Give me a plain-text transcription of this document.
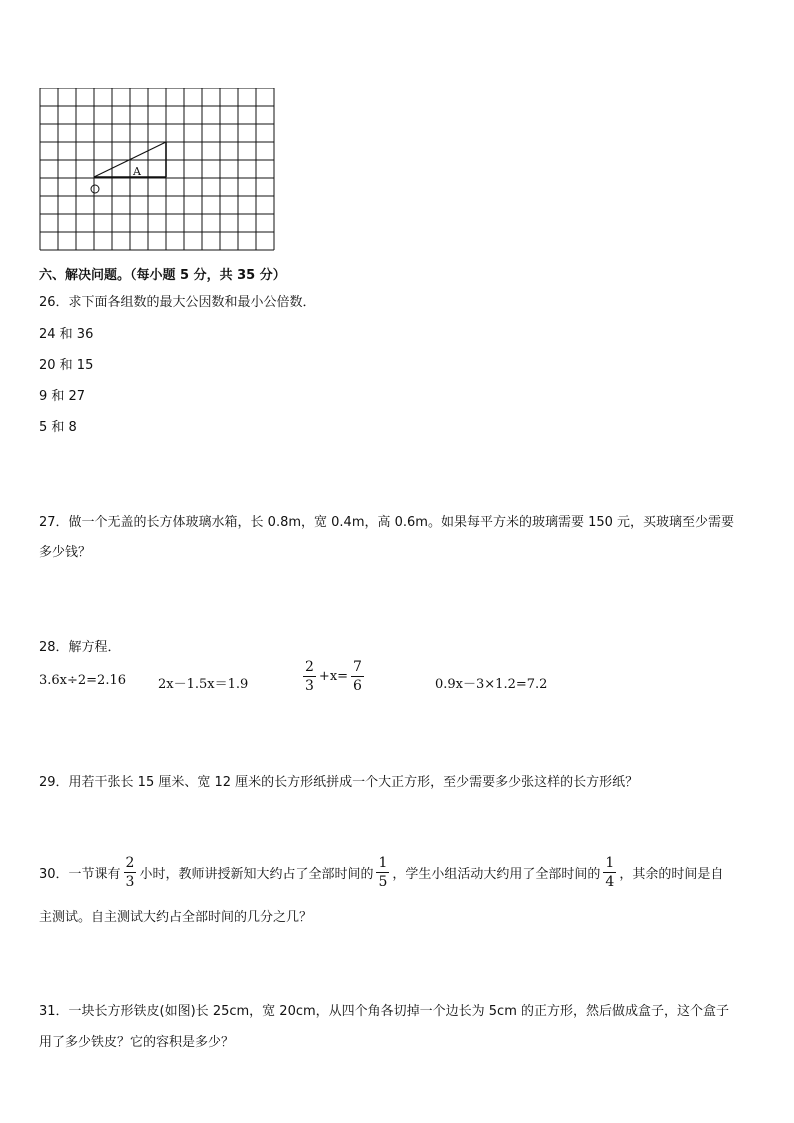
A
六、解决问题。（每小题 5 分，共 35 分）
26．求下面各组数的最大公因数和最小公倍数．
24 和 36
20 和 15
9 和 27
5 和 8
27．做一个无盖的长方体玻璃水箱，长 0.8m，宽 0.4m，高 0.6m。如果每平方米的玻璃需要 150 元，买玻璃至少需要
多少钱？
28．解方程．
3.6x÷2=2.16 2x－1.5x＝1.9	$\frac{2}{3} +x= \frac{7}{6}$	0.9x－3×1.2=7.2
29．用若干张长 15 厘米、宽 12 厘米的长方形纸拼成一个大正方形，至少需要多少张这样的长方形纸？
30．一节课有 $\frac{2}{3}$ 小时，教师讲授新知大约占了全部时间的 $\frac{1}{5}$ ，学生小组活动大约用了全部时间的 $\frac{1}{4}$ ，其余的时间是自
主测试。自主测试大约占全部时间的几分之几？
31．一块长方形铁皮(如图)长 25cm，宽 20cm，从四个角各切掉一个边长为 5cm 的正方形，然后做成盒子，这个盒子
用了多少铁皮？它的容积是多少？
